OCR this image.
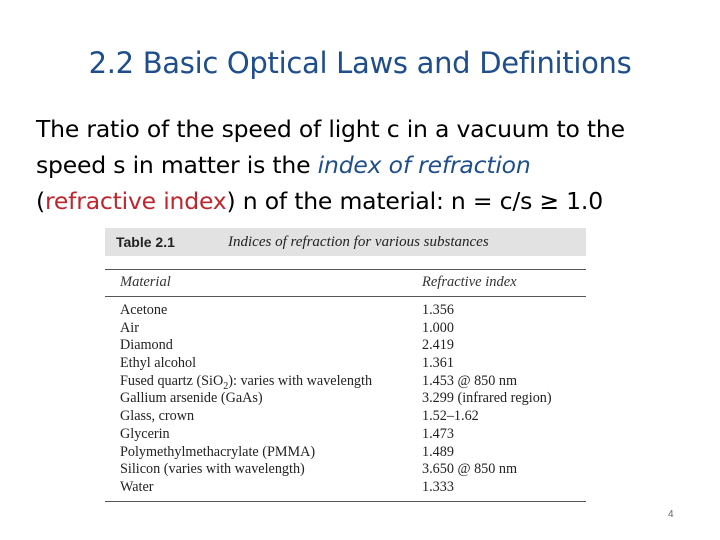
2.2 Basic Optical Laws and Definitions
The ratio of the speed of light c in a vacuum to the speed s in matter is the index of refraction
(refractive index) n of the material: n = c/s ≥ 1.0
Table 2.1	Indices of refraction for various substances
Material	Refractive index
Acetone	1.356
Air	1.000
Diamond	2.419
Ethyl alcohol	1.361
Fused quartz (SiO$_2$): varies with wavelength	1.453 @ 850 nm
Gallium arsenide (GaAs)	3.299 (infrared region)
Glass, crown	1.52–1.62
Glycerin	1.473
Polymethylmethacrylate (PMMA)	1.489
Silicon (varies with wavelength)	3.650 @ 850 nm
Water	1.333
4
